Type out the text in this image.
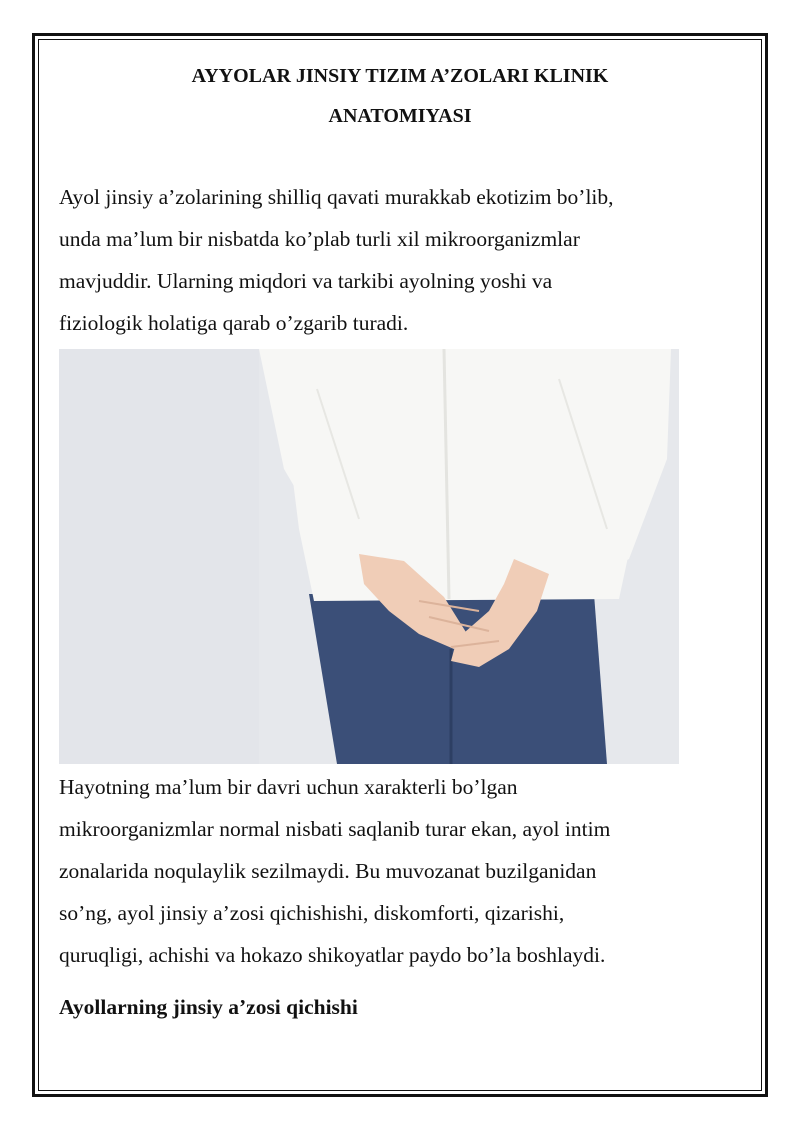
AYYOLAR JINSIY TIZIM A’ZOLARI KLINIK
ANATOMIYASI

Ayol jinsiy a’zolarining shilliq qavati murakkab ekotizim bo’lib,
unda ma’lum bir nisbatda ko’plab turli xil mikroorganizmlar
mavjuddir. Ularning miqdori va tarkibi ayolning yoshi va
fiziologik holatiga qarab o’zgarib turadi.

Hayotning ma’lum bir davri uchun xarakterli bo’lgan
mikroorganizmlar normal nisbati saqlanib turar ekan, ayol intim
zonalarida noqulaylik sezilmaydi. Bu muvozanat buzilganidan
so’ng, ayol jinsiy a’zosi qichishishi, diskomforti, qizarishi,
quruqligi, achishi va hokazo shikoyatlar paydo bo’la boshlaydi.

Ayollarning jinsiy a’zosi qichishi
